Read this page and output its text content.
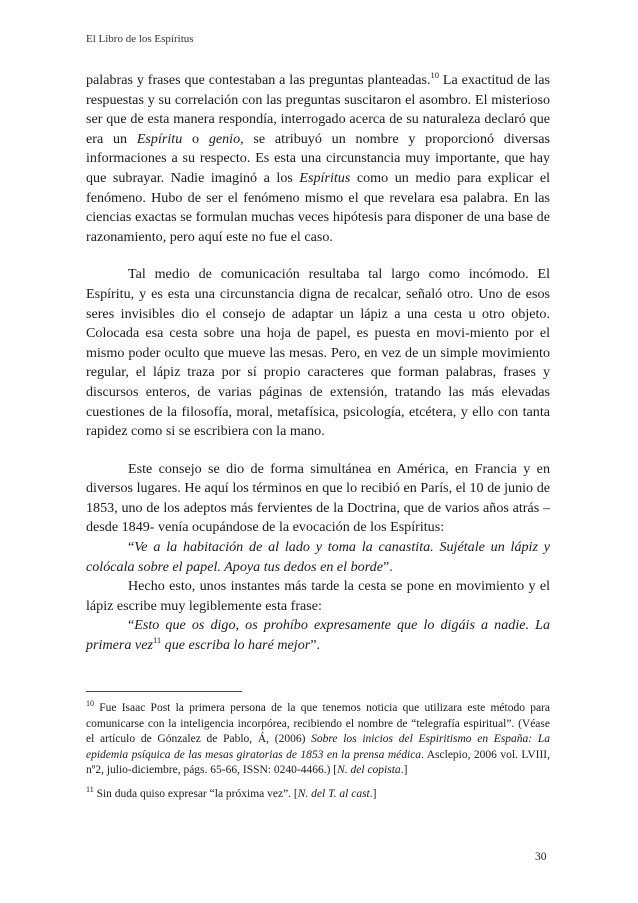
El Libro de los Espíritus

palabras y frases que contestaban a las preguntas planteadas.$^{10}$ La exactitud de las respuestas y su correlación con las preguntas suscitaron el asombro. El misterioso ser que de esta manera respondía, interrogado acerca de su naturaleza declaró que era un Espíritu o genio, se atribuyó un nombre y proporcionó diversas informaciones a su respecto. Es esta una circunstancia muy importante, que hay que subrayar. Nadie imaginó a los Espíritus como un medio para explicar el fenómeno. Hubo de ser el fenómeno mismo el que revelara esa palabra. En las ciencias exactas se formulan muchas veces hipótesis para disponer de una base de razonamiento, pero aquí este no fue el caso.

Tal medio de comunicación resultaba tal largo como incómodo. El Espíritu, y es esta una circunstancia digna de recalcar, señaló otro. Uno de esos seres invisibles dio el consejo de adaptar un lápiz a una cesta u otro objeto. Colocada esa cesta sobre una hoja de papel, es puesta en movi-miento por el mismo poder oculto que mueve las mesas. Pero, en vez de un simple movimiento regular, el lápiz traza por sí propio caracteres que forman palabras, frases y discursos enteros, de varias páginas de extensión, tratando las más elevadas cuestiones de la filosofía, moral, metafísica, psicología, etcétera, y ello con tanta rapidez como si se escribiera con la mano.

Este consejo se dio de forma simultánea en América, en Francia y en diversos lugares. He aquí los términos en que lo recibió en París, el 10 de junio de 1853, uno de los adeptos más fervientes de la Doctrina, que de varios años atrás –desde 1849- venía ocupándose de la evocación de los Espíritus:

“Ve a la habitación de al lado y toma la canastita. Sujétale un lápiz y colócala sobre el papel. Apoya tus dedos en el borde”.

Hecho esto, unos instantes más tarde la cesta se pone en movimiento y el lápiz escribe muy legiblemente esta frase:

“Esto que os digo, os prohíbo expresamente que lo digáis a nadie. La primera vez$^{11}$ que escriba lo haré mejor”.

$^{10}$ Fue Isaac Post la primera persona de la que tenemos noticia que utilizara este método para comunicarse con la inteligencia incorpórea, recibiendo el nombre de “telegrafía espiritual”. (Véase el artículo de Gónzalez de Pablo, Á, (2006) Sobre los inicios del Espiritismo en España: La epidemia psíquica de las mesas giratorias de 1853 en la prensa médica. Asclepio, 2006 vol. LVIII, nº2, julio-diciembre, págs. 65-66, ISSN: 0240-4466.) [N. del copista.]

$^{11}$ Sin duda quiso expresar “la próxima vez”. [N. del T. al cast.]

30
